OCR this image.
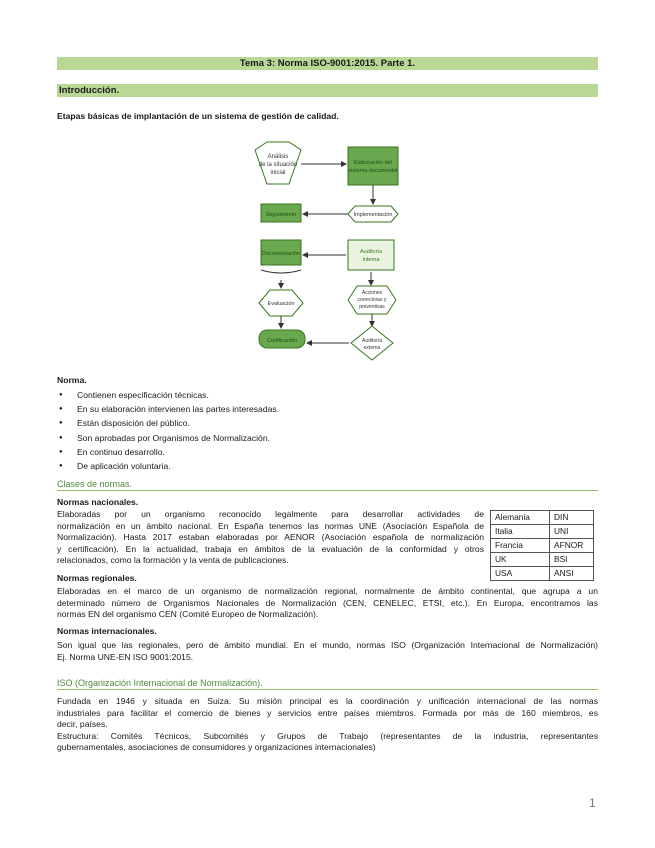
Tema 3: Norma ISO-9001:2015. Parte 1.
Introducción.
Etapas básicas de implantación de un sistema de gestión de calidad.
Análisis
de la situación
inicial
Elaboración del
sistema documental
Implementación
Seguimiento
Documentación	Auditoría
interna
Acciones
correctoras y
preventivas
Evaluación
Certificación	Auditoría
externa
Norma.
● Contienen especificación técnicas.
● En su elaboración intervienen las partes interesadas.
● Están disposición del público.
● Son aprobadas por Organismos de Normalización.
● En continuo desarrollo.
● De aplicación voluntaria.
Clases de normas.
Normas nacionales.
Elaboradas por un organismo reconocido legalmente para desarrollar actividades de
normalización en un ámbito nacional. En España tenemos las normas UNE (Asociación Española de
Normalización). Hasta 2017 estaban elaboradas por AENOR (Asociación española de normalización
y certificación). En la actualidad, trabaja en ámbitos de la evaluación de la conformidad y otros
relacionados, como la formación y la venta de publicaciones.
Alemania	DIN
Italia	UNI
Francia	AFNOR
UK	BSI
USA	ANSI
Normas regionales.
Elaboradas en el marco de un organismo de normalización regional, normalmente de ámbito continental, que agrupa a un
determinado número de Organismos Nacionales de Normalización (CEN, CENELEC, ETSI, etc.). En Europa, encontramos las
normas EN del organismo CEN (Comité Europeo de Normalización).
Normas internacionales.
Son igual que las regionales, pero de ámbito mundial. En el mundo, normas ISO (Organización Internacional de Normalización)
Ej. Norma UNE-EN ISO 9001:2015.
ISO (Organización Internacional de Normalización).
Fundada en 1946 y situada en Suiza. Su misión principal es la coordinación y unificación internacional de las normas
industriales para facilitar el comercio de bienes y servicios entre países miembros. Formada por más de 160 miembros, es
decir, países.
Estructura: Comités Técnicos, Subcomités y Grupos de Trabajo (representantes de la industria, representantes
gubernamentales, asociaciones de consumidores y organizaciones internacionales)
1
